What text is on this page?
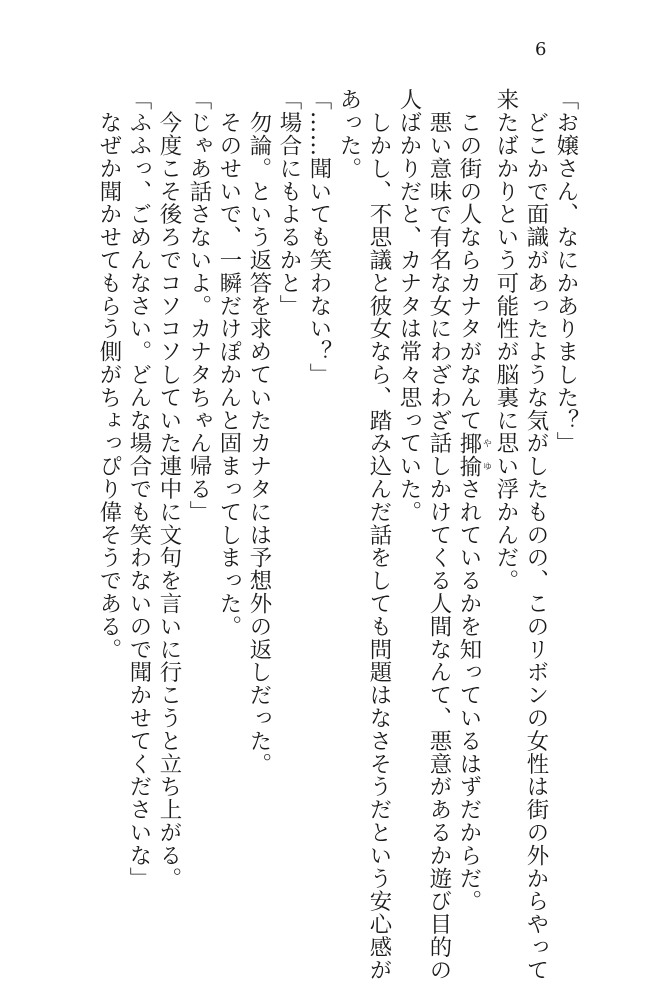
6
「お嬢さん、なにかありました？」
　どこかで面識があったような気がしたものの、このリボンの女性は街の外からやって
来たばかりという可能性が脳裏に思い浮かんだ。
　この街の人ならカナタがなんて揶揄 やゆされているかを知っているはずだからだ。
　悪い意味で有名な女にわざわざ話しかけてくる人間なんて、悪意があるか遊び目的の
人ばかりだと、カナタは常々思っていた。
　しかし、不思議と彼女なら、踏み込んだ話をしても問題はなさそうだという安心感が
あった。
「……聞いても笑わない？」
「場合にもよるかと」
　勿論。という返答を求めていたカナタには予想外の返しだった。
　そのせいで、一瞬だけぽかんと固まってしまった。
「じゃあ話さないよ。カナタちゃん帰る」
　今度こそ後ろでコソコソしていた連中に文句を言いに行こうと立ち上がる。
「ふふっ、ごめんなさい。どんな場合でも笑わないので聞かせてくださいな」
　なぜか聞かせてもらう側がちょっぴり偉そうである。
